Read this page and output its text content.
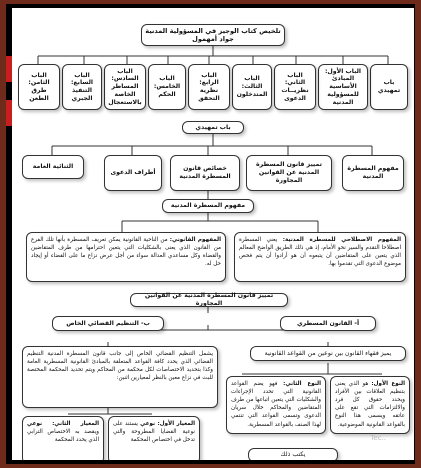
تلخيص كتاب الوجيز في المسؤولية المدنية جواد أمهمول
باب تمهيدي
الباب الأول: المبادئ الأساسية للمسؤولية المدنية
الباب الثاني: نظريــات الدعوى
الباب الثالث: المتدخلون
الباب الرابع: نظرية التحقق
الباب الخامس: الحكم
الباب السادس: المساطر الخاصة بالاستعجال
الباب السابع: التنفيذ الجبري
الباب الثامن: طرق الطعن
باب تمهيدي
مفهوم المسطرة المدنية
تمييز قانون المسطرة المدنية عن القوانين المجاورة
خصائص قانون المسطرة المدنية
أطراف الدعوى
الثنائية العامة
مفهوم المسطرة المدنية
المفهوم الاصطلاحي للمسطرة المدنية: يعني المسطرة اصطلاحا التقدم والسير نحو الأمام، إذ هي ذلك الطريق الواضح المعالم الذي يتعين على المتقاضين أن يتبعوه أن هو أرادوا أن يتم فحص موضوع الدعوى التي تقدموا بها.
المفهوم القانوني: من الناحية القانونية يمكن تعريف المسطرة بأنها تلك الفرع من القانون الذي يعنى بالشكليات التي يتعين احترامها من طرف المتقاضين والقضاة وكل مساعدي العدالة سواء من أجل عرض نزاع ما على القضاء أو إيجاد حل له.
تمييز قانون المسطرة المدنية عن القوانين المجاورة
أ- القانون المسطري
ب- التنظيم القضائي الخاص
يميز فقهاء القانون بين نوعين من القواعد القانونية
يشمل التنظيم القضائي الخاص إلى جانب قانون المسطرة المدنية التنظيم القضائي الذي يحدد كافة القواعد المتعلقة بالمبادئ القانونية المسطرية العامة وكذا بتحديد الاختصاصات لكل محكمة من المحاكم ويتم تحديد المحكمة المختصة للبث في نزاع معين بالنظر لمعيارين اثنين:
النوع الأول: هو الذي يعنى بتنظيم العلاقات بين الأفراد ويحدد حقوق كل فرد والالتزامات التي تقع على عاتقه ويسمى هذا النوع بالقواعد القانونية الموضوعية.
النوع الثاني: فهو يضم القواعد القانونية التي تحدد الإجراءات والشكليات التي يتعين اتباعها من طرف المتقاضين والمحاكم خلال سريان الدعوى وتسمى القواعد التي تنتمي لهذا الصنف بالقواعد المسطرية.
المعيار الأول: نوعي يستند على نوعية القضايا المطروحة والتي تدخل في اختصاص المحكمة
المعيار الثاني: نوعي ويقصد به الاختصاص الترابي الذي يحدد المحكمة
يكتب ذلك
Tec..
